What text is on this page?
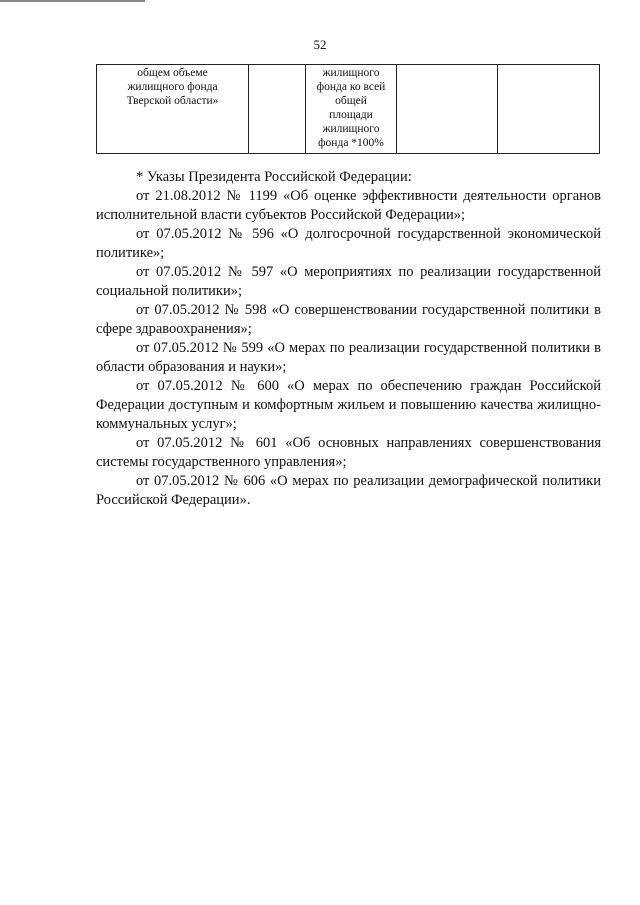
52
общем объеме
жилищного фонда
Тверской области»		жилищного
фонда ко всей
общей
площади
жилищного
фонда *100%		

* Указы Президента Российской Федерации:

от 21.08.2012 № 1199 «Об оценке эффективности деятельности органов исполнительной власти субъектов Российской Федерации»;

от 07.05.2012 № 596 «О долгосрочной государственной экономической политике»;

от 07.05.2012 № 597 «О мероприятиях по реализации государственной социальной политики»;

от 07.05.2012 № 598 «О совершенствовании государственной политики в сфере здравоохранения»;

от 07.05.2012 № 599 «О мерах по реализации государственной политики в области образования и науки»;

от 07.05.2012 № 600 «О мерах по обеспечению граждан Российской Федерации доступным и комфортным жильем и повышению качества жилищно-коммунальных услуг»;

от 07.05.2012 № 601 «Об основных направлениях совершенствования системы государственного управления»;

от 07.05.2012 № 606 «О мерах по реализации демографической политики Российской Федерации».
